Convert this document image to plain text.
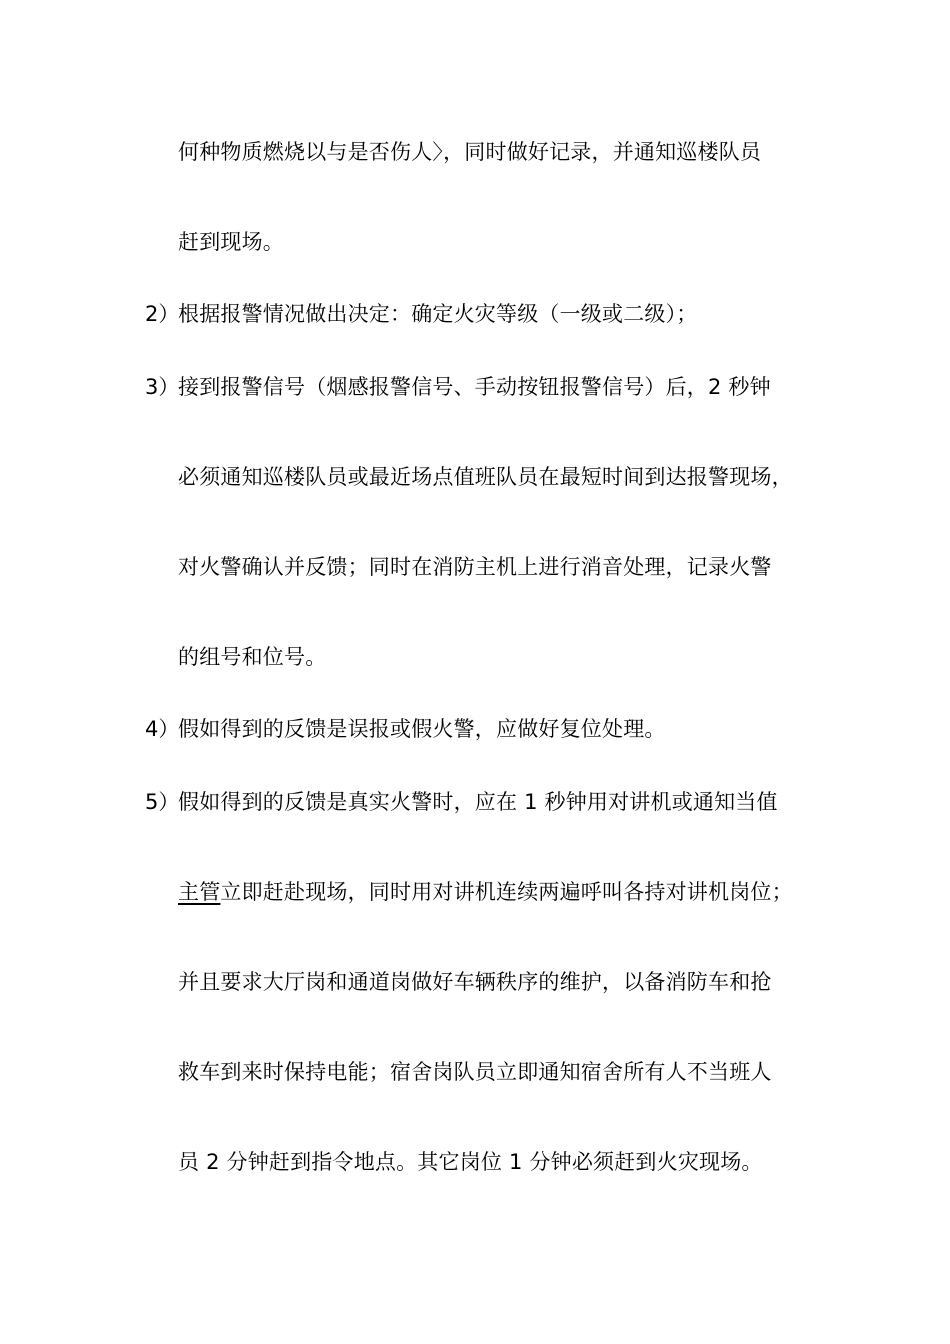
何种物质燃烧以与是否伤人〉，同时做好记录，并通知巡楼队员
赶到现场。
2）
根据报警情况做出决定：确定火灾等级（一级或二级）；
3）
接到报警信号（烟感报警信号、手动按钮报警信号）后，2 秒钟
必须通知巡楼队员或最近场点值班队员在最短时间到达报警现场，
对火警确认并反馈；同时在消防主机上进行消音处理，记录火警
的组号和位号。
4）
假如得到的反馈是误报或假火警，应做好复位处理。
5）
假如得到的反馈是真实火警时，应在 1 秒钟用对讲机或通知当值
主管立即赶赴现场，同时用对讲机连续两遍呼叫各持对讲机岗位；
并且要求大厅岗和通道岗做好车辆秩序的维护，以备消防车和抢
救车到来时保持电能；宿舍岗队员立即通知宿舍所有人不当班人
员 2 分钟赶到指令地点。其它岗位 1 分钟必须赶到火灾现场。
